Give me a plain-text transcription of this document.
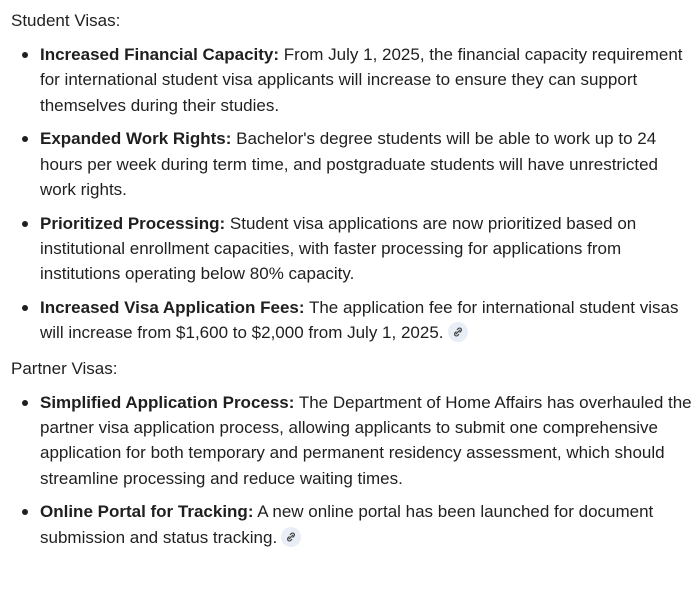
Student Visas:
Increased Financial Capacity: From July 1, 2025, the financial capacity requirement for international student visa applicants will increase to ensure they can support themselves during their studies.
Expanded Work Rights: Bachelor's degree students will be able to work up to 24 hours per week during term time, and postgraduate students will have unrestricted work rights.
Prioritized Processing: Student visa applications are now prioritized based on institutional enrollment capacities, with faster processing for applications from institutions operating below 80% capacity.
Increased Visa Application Fees: The application fee for international student visas will increase from $1,600 to $2,000 from July 1, 2025.
Partner Visas:
Simplified Application Process: The Department of Home Affairs has overhauled the partner visa application process, allowing applicants to submit one comprehensive application for both temporary and permanent residency assessment, which should streamline processing and reduce waiting times.
Online Portal for Tracking: A new online portal has been launched for document submission and status tracking.
